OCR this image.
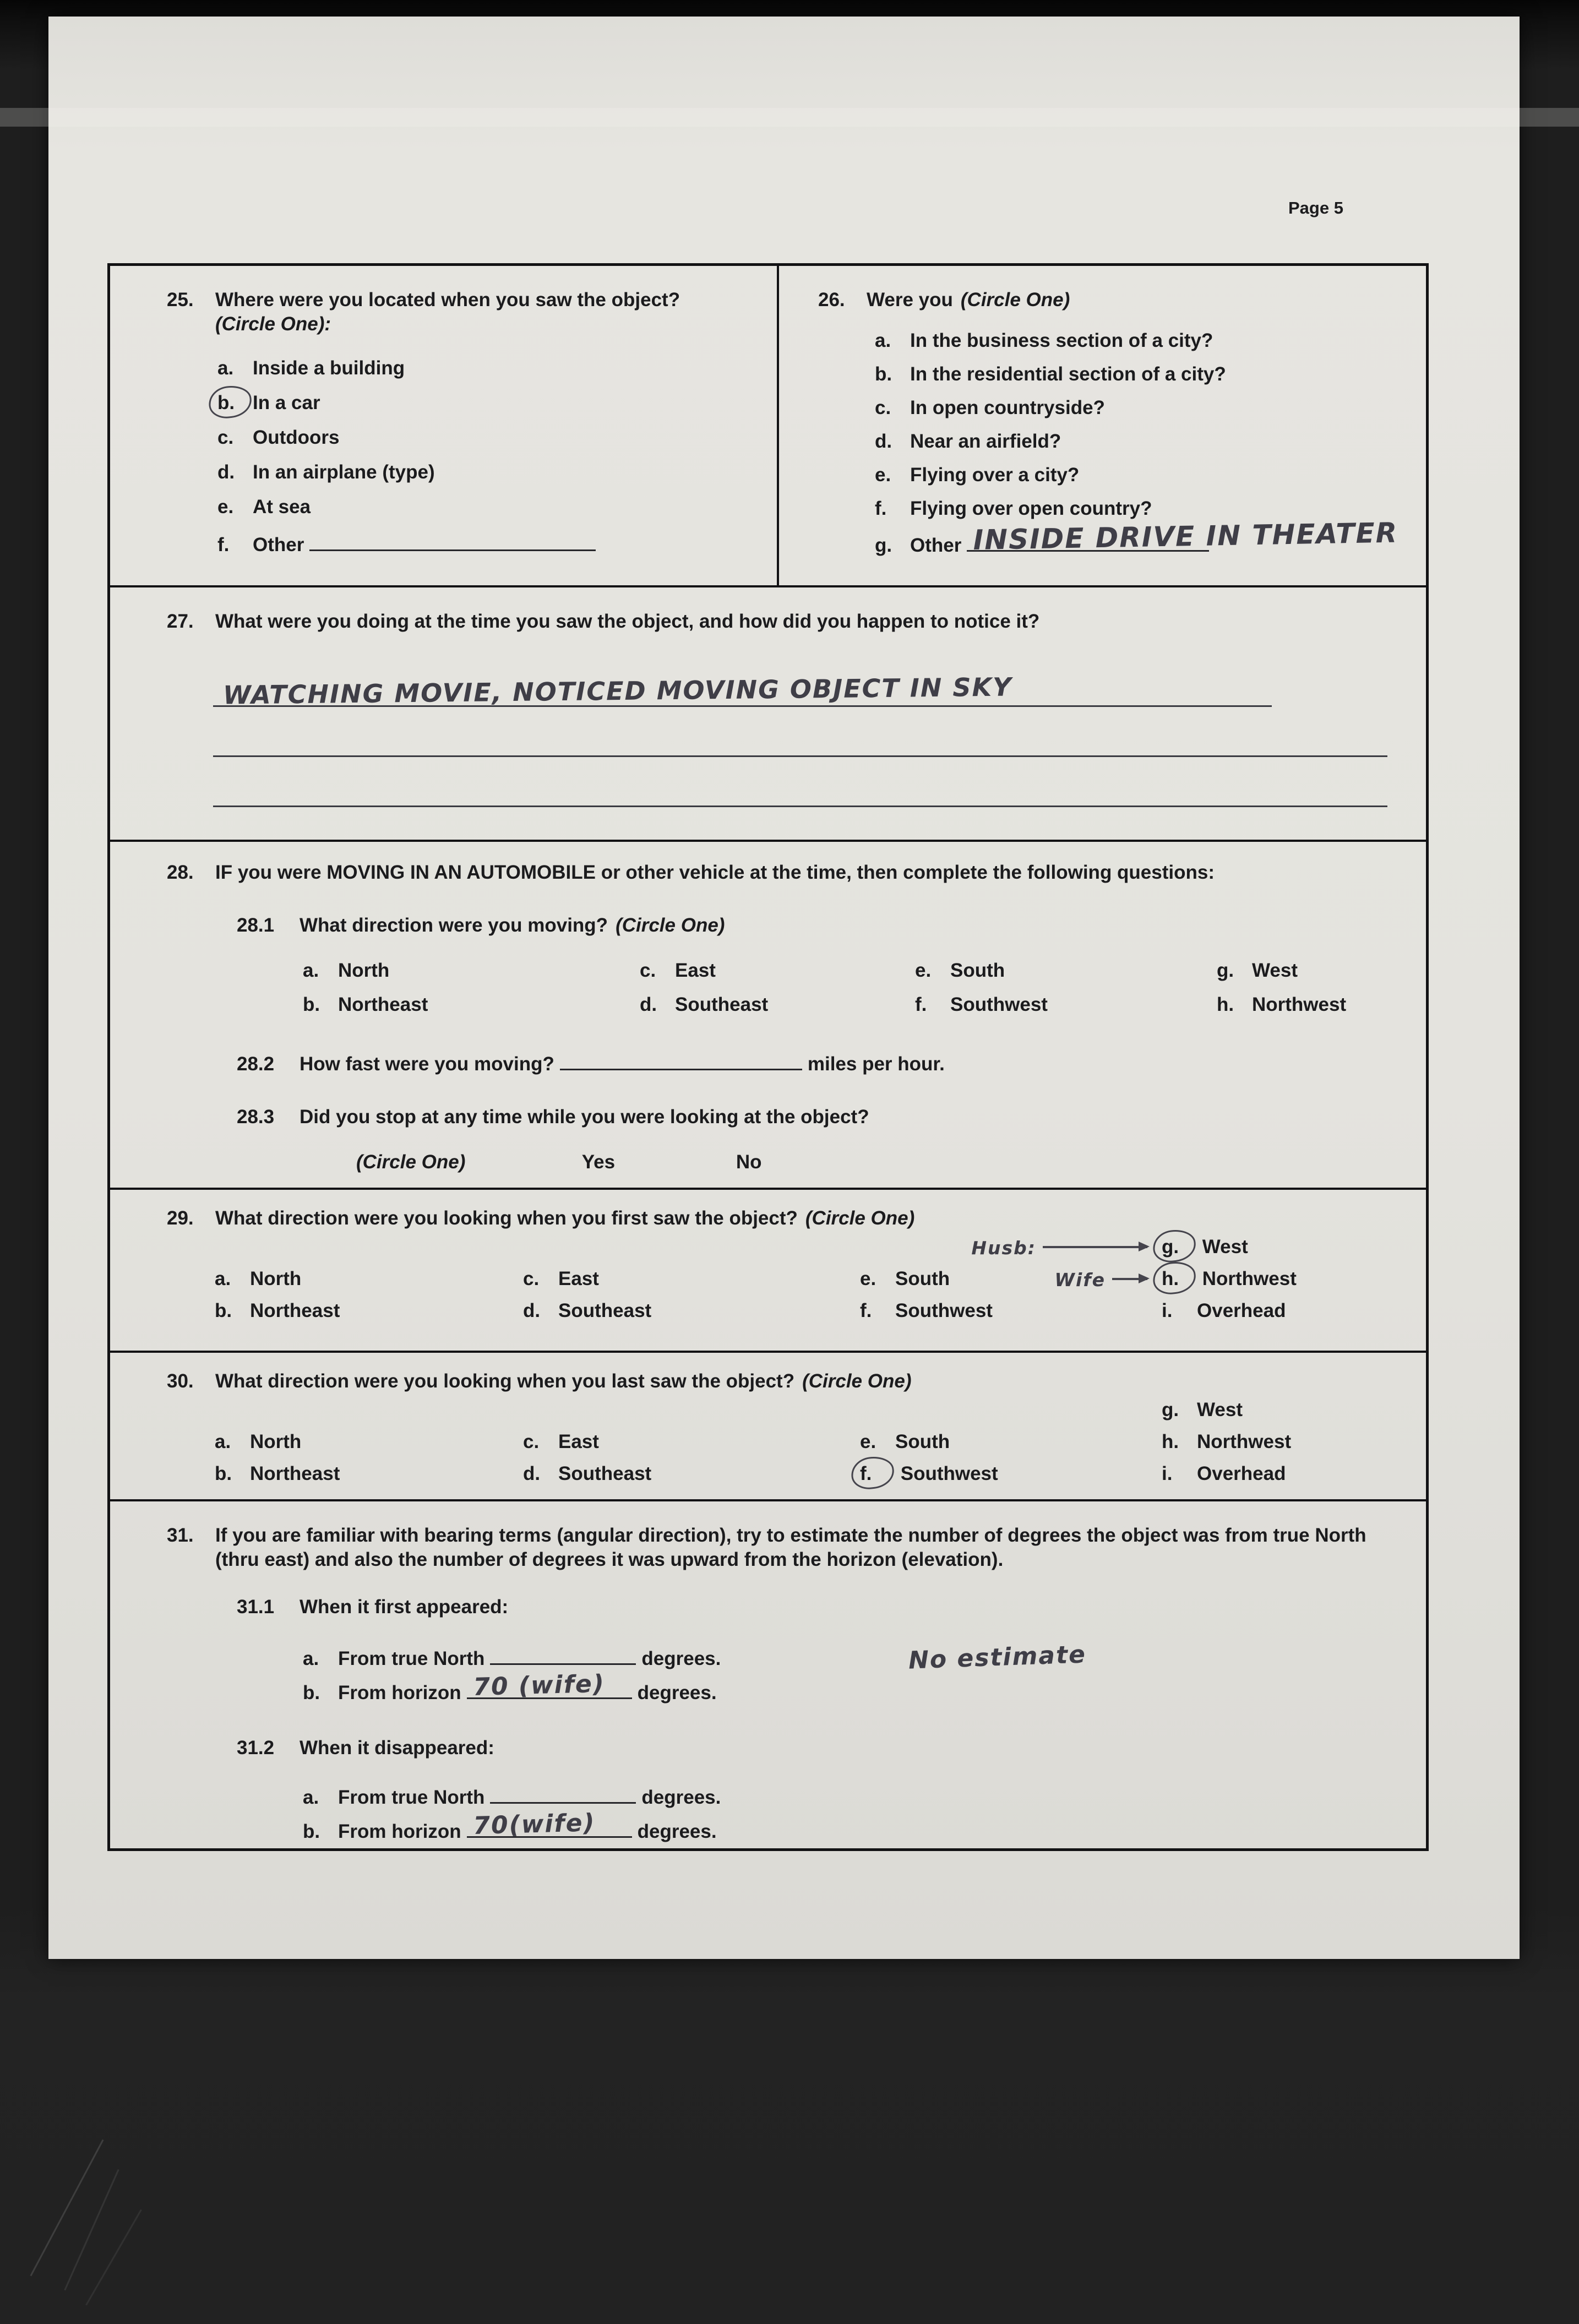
Page 5
25.	Where were you located when you saw the object?
(Circle One):
a. Inside a building
b. In a car
c. Outdoors
d. In an airplane (type)
e. At sea
f.	Other
26.	Were you (Circle One)
a. In the business section of a city?
b. In the residential section of a city?
c. In open countryside?
d. Near an airfield?
e. Flying over a city?
f.	Flying over open country?
g. Other INSIDE DRIVE IN THEATER
27.	What were you doing at the time you saw the object, and how did you happen to notice it?
WATCHING MOVIE, NOTICED MOVING OBJECT IN SKY
28.	IF you were MOVING IN AN AUTOMOBILE or other vehicle at the time, then complete the following questions:
28.1	What direction were you moving? (Circle One)
a. North	c. East	e. South	g. West
b. Northeast	d. Southeast	f. Southwest	h. Northwest
28.2	How fast were you moving?	miles per hour.
28.3	Did you stop at any time while you were looking at the object?
(Circle One)	Yes	No
29.	What direction were you looking when you first saw the object? (Circle One)
Husb:	g. West
a. North	c. East	e. South	Wife	h. Northwest
b. Northeast	d. Southeast	f. Southwest	i. Overhead
30.	What direction were you looking when you last saw the object? (Circle One)
g. West
a. North	c. East	e. South	h. Northwest
b. Northeast	d. Southeast	f. Southwest	i. Overhead
31.	If you are familiar with bearing terms (angular direction), try to estimate the number of degrees the object was from true North (thru east) and also the number of degrees it was upward from the horizon (elevation).
31.1	When it first appeared:
a. From true North	degrees.
b. From horizon 70 (wife) degrees.
No estimate
31.2	When it disappeared:
a. From true North	degrees.
b. From horizon 70(wife) degrees.
